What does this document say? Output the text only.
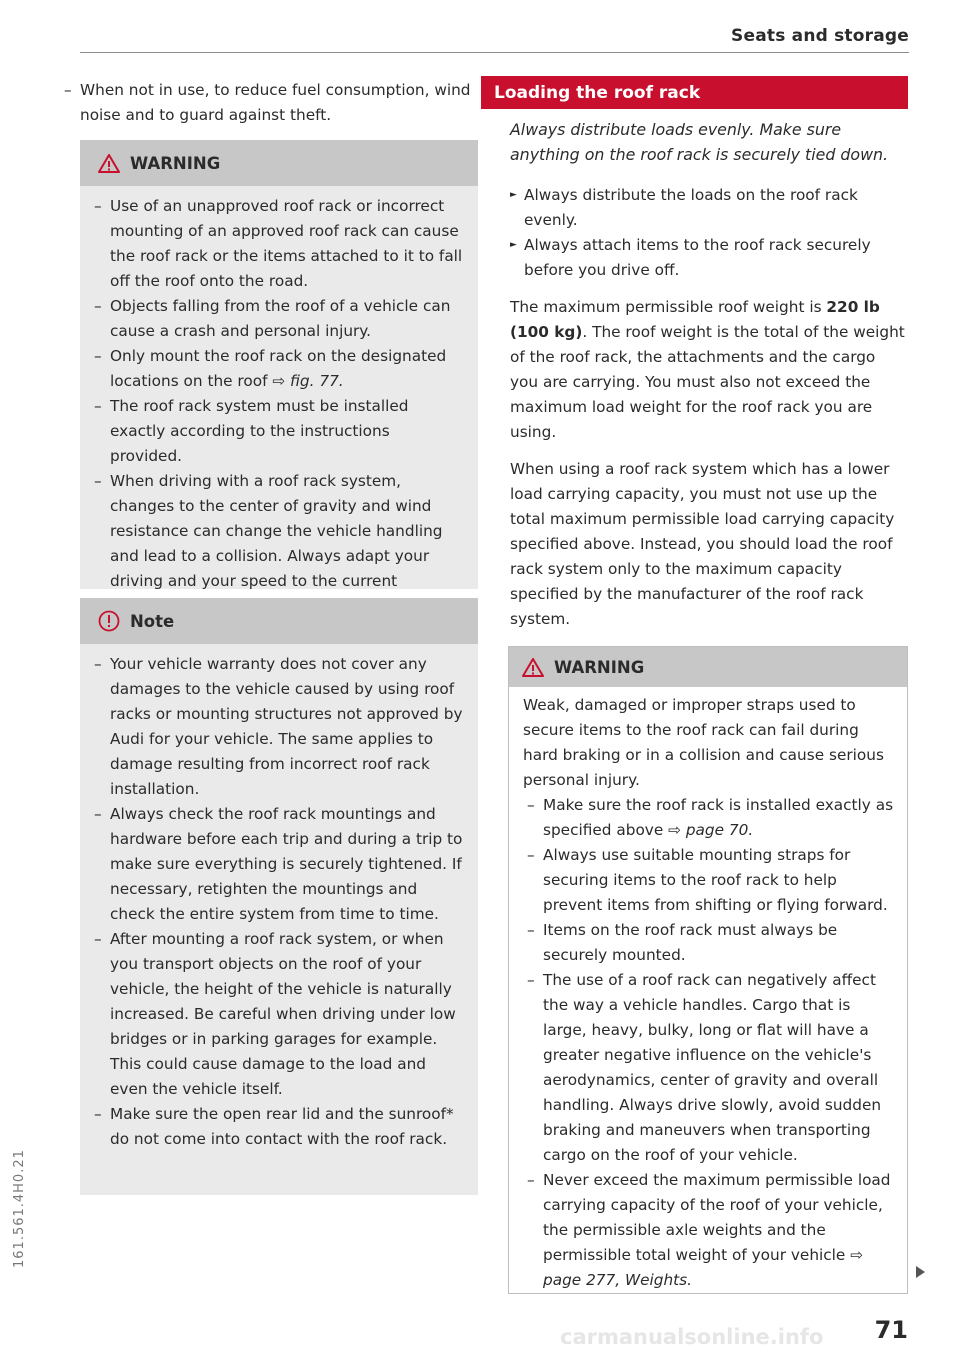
Seats and storage
– When not in use, to reduce fuel consumption, wind noise and to guard against theft.
WARNING
– Use of an unapproved roof rack or incorrect mounting of an approved roof rack can cause the roof rack or the items attached to it to fall off the roof onto the road.
– Objects falling from the roof of a vehicle can cause a crash and personal injury.
– Only mount the roof rack on the designated locations on the roof ⇨ fig. 77.
– The roof rack system must be installed exactly according to the instructions provided.
– When driving with a roof rack system, changes to the center of gravity and wind resistance can change the vehicle handling and lead to a collision. Always adapt your driving and your speed to the current
Note
– Your vehicle warranty does not cover any damages to the vehicle caused by using roof racks or mounting structures not approved by Audi for your vehicle. The same applies to damage resulting from incorrect roof rack installation.
– Always check the roof rack mountings and hardware before each trip and during a trip to make sure everything is securely tightened. If necessary, retighten the mountings and check the entire system from time to time.
– After mounting a roof rack system, or when you transport objects on the roof of your vehicle, the height of the vehicle is naturally increased. Be careful when driving under low bridges or in parking garages for example. This could cause damage to the load and even the vehicle itself.
– Make sure the open rear lid and the sunroof* do not come into contact with the roof rack.
Loading the roof rack
Always distribute loads evenly. Make sure anything on the roof rack is securely tied down.
► Always distribute the loads on the roof rack evenly.
► Always attach items to the roof rack securely before you drive off.
The maximum permissible roof weight is 220 lb (100 kg). The roof weight is the total of the weight of the roof rack, the attachments and the cargo you are carrying. You must also not exceed the maximum load weight for the roof rack you are using.
When using a roof rack system which has a lower load carrying capacity, you must not use up the total maximum permissible load carrying capacity specified above. Instead, you should load the roof rack system only to the maximum capacity specified by the manufacturer of the roof rack system.
WARNING
Weak, damaged or improper straps used to secure items to the roof rack can fail during hard braking or in a collision and cause serious personal injury.
– Make sure the roof rack is installed exactly as specified above ⇨ page 70.
– Always use suitable mounting straps for securing items to the roof rack to help prevent items from shifting or flying forward.
– Items on the roof rack must always be securely mounted.
– The use of a roof rack can negatively affect the way a vehicle handles. Cargo that is large, heavy, bulky, long or flat will have a greater negative influence on the vehicle's aerodynamics, center of gravity and overall handling. Always drive slowly, avoid sudden braking and maneuvers when transporting cargo on the roof of your vehicle.
– Never exceed the maximum permissible load carrying capacity of the roof of your vehicle, the permissible axle weights and the permissible total weight of your vehicle ⇨ page 277, Weights.
71
161.561.4H0.21
carmanualsonline.info
